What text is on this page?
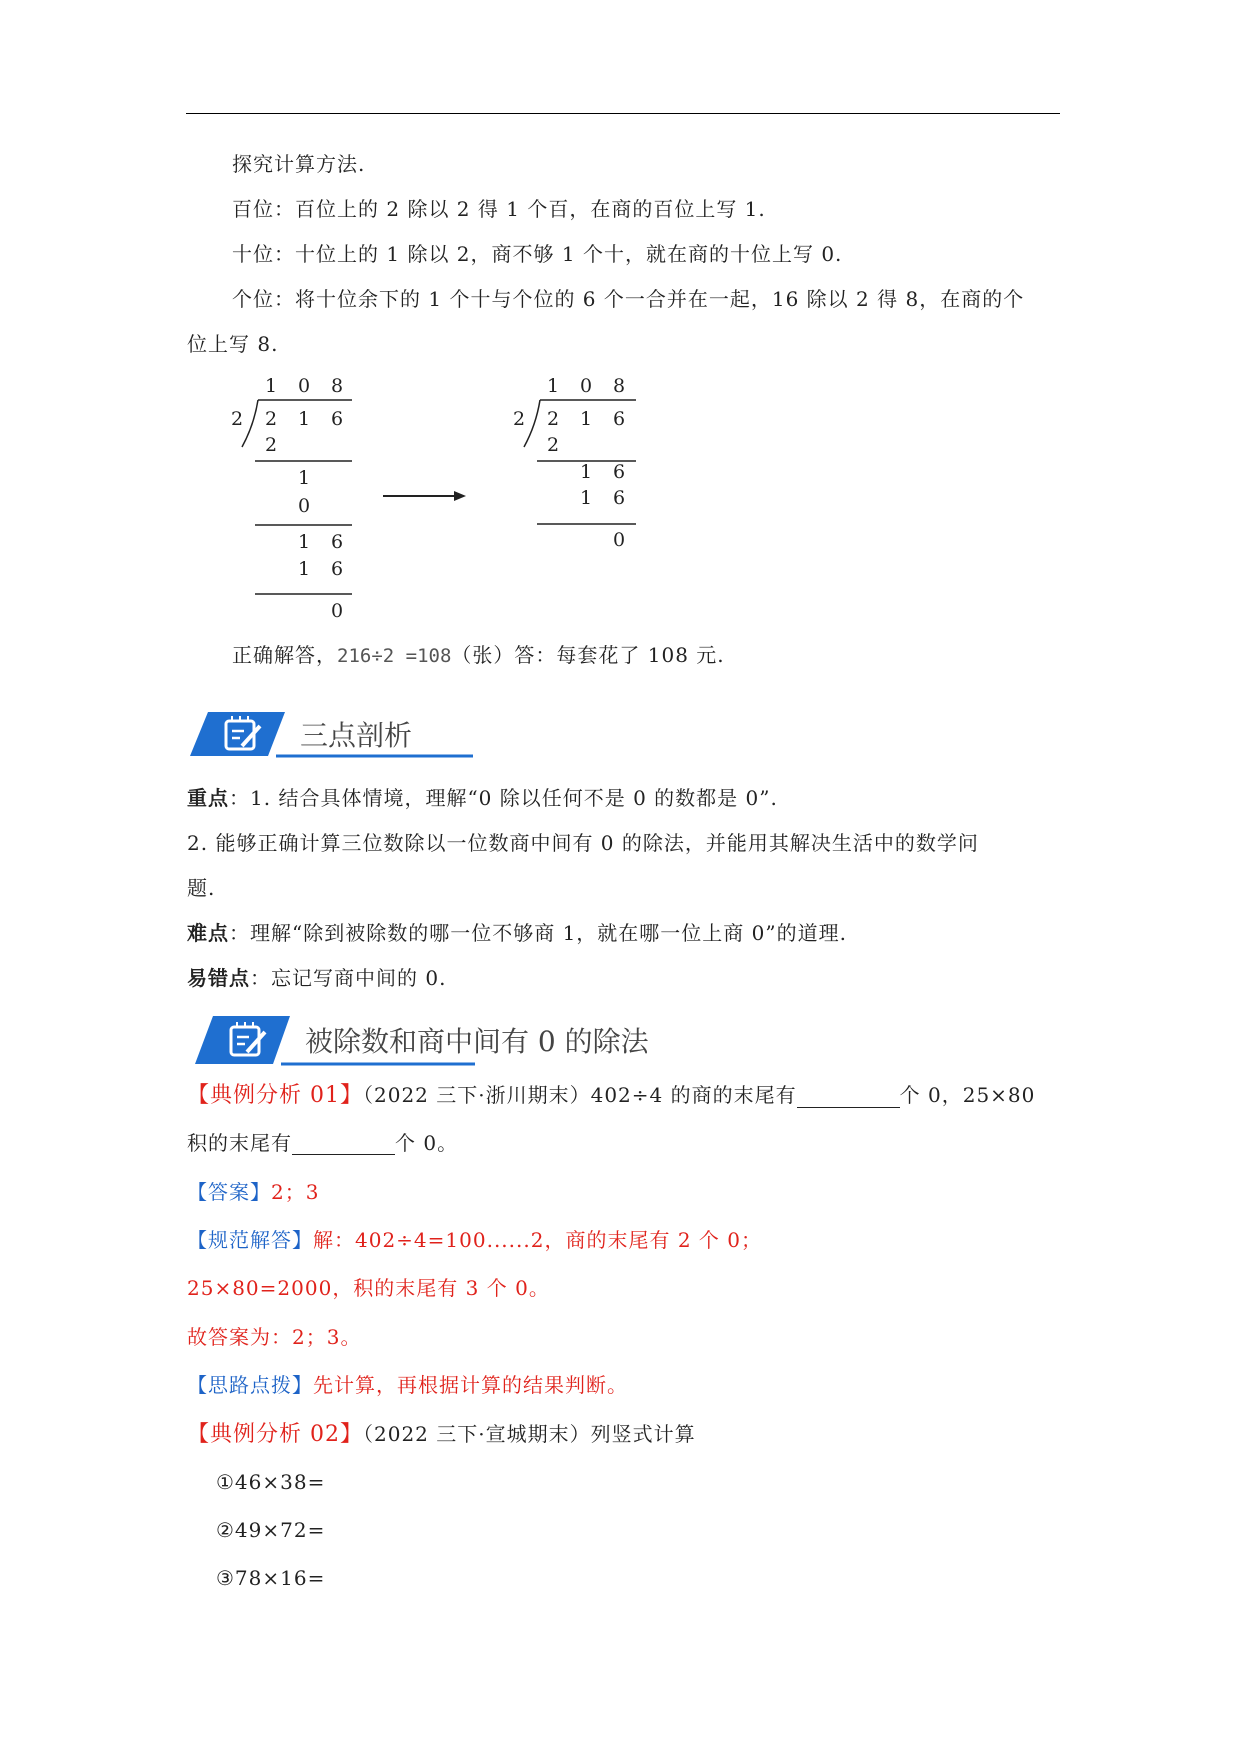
探究计算方法.
百位：百位上的 2 除以 2 得 1 个百，在商的百位上写 1.
十位：十位上的 1 除以 2，商不够 1 个十，就在商的十位上写 0.
个位：将十位余下的 1 个十与个位的 6 个一合并在一起，16 除以 2 得 8，在商的个
位上写 8.
1 0 8
2 2 1 6
2
1
0
1 6
1 6
0
1 0 8
2 2 1 6
2
1 6
1 6
0
正确解答，216÷2 =108（张）答：每套花了 108 元.
三点剖析
重点：1. 结合具体情境，理解“0 除以任何不是 0 的数都是 0”.
2. 能够正确计算三位数除以一位数商中间有 0 的除法，并能用其解决生活中的数学问
题.
难点：理解“除到被除数的哪一位不够商 1，就在哪一位上商 0”的道理.
易错点：忘记写商中间的 0.
被除数和商中间有 0 的除法
【典例分析 01】（2022 三下·浙川期末）402÷4 的商的末尾有	个 0，25×80
积的末尾有	个 0。
【答案】2；3
【规范解答】解：402÷4=100......2，商的末尾有 2 个 0；
25×80=2000，积的末尾有 3 个 0。
故答案为：2；3。
【思路点拨】先计算，再根据计算的结果判断。
【典例分析 02】（2022 三下·宣城期末）列竖式计算
①46×38=
②49×72=
③78×16=
